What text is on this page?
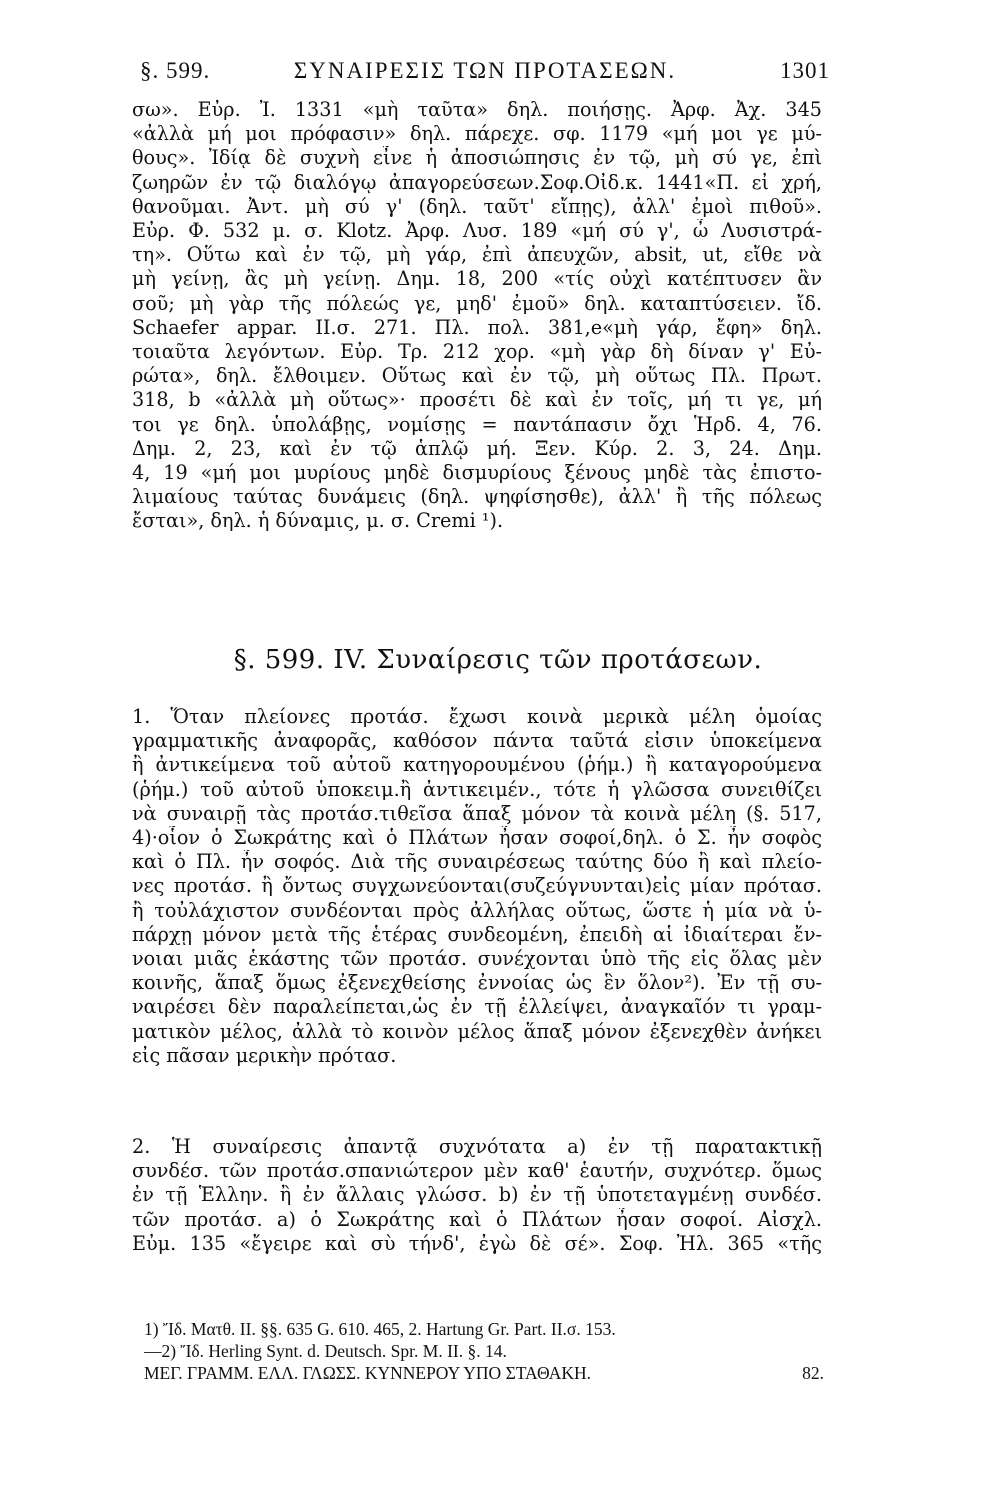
§. 599.	ΣΥΝΑΙΡΕΣΙΣ ΤΩΝ ΠΡΟΤΑΣΕΩΝ.	1301
σω». Εὐρ. Ἰ. 1331 «μὴ ταῦτα» δηλ. ποιήσῃς. Ἀρφ. Ἀχ. 345
«ἀλλὰ μή μοι πρόφασιν» δηλ. πάρεχε. σφ. 1179 «μή μοι γε μύ-
θους». Ἰδίᾳ δὲ συχνὴ εἶνε ἡ ἀποσιώπησις ἐν τῷ, μὴ σύ γε, ἐπὶ
ζωηρῶν ἐν τῷ διαλόγῳ ἀπαγορεύσεων.Σοφ.Οἰδ.κ. 1441«Π. εἰ χρή,
θανοῦμαι. Ἀντ. μὴ σύ γ' (δηλ. ταῦτ' εἴπῃς), ἀλλ' ἐμοὶ πιθοῦ».
Εὐρ. Φ. 532 μ. σ. Klotz. Ἀρφ. Λυσ. 189 «μή σύ γ', ὦ Λυσιστρά-
τη». Οὕτω καὶ ἐν τῷ, μὴ γάρ, ἐπὶ ἀπευχῶν, absit, ut, εἴθε νὰ
μὴ γείνῃ, ἂς μὴ γείνῃ. Δημ. 18, 200 «τίς οὐχὶ κατέπτυσεν ἂν
σοῦ; μὴ γὰρ τῆς πόλεώς γε, μηδ' ἐμοῦ» δηλ. καταπτύσειεν. ἴδ.
Schaefer appar. II.σ. 271. Πλ. πολ. 381,e«μὴ γάρ, ἔφη» δηλ.
τοιαῦτα λεγόντων. Εὐρ. Τρ. 212 χορ. «μὴ γὰρ δὴ δίναν γ' Εὐ-
ρώτα», δηλ. ἔλθοιμεν. Οὕτως καὶ ἐν τῷ, μὴ οὕτως Πλ. Πρωτ.
318, b «ἀλλὰ μὴ οὕτως»· προσέτι δὲ καὶ ἐν τοῖς, μή τι γε, μή
τοι γε δηλ. ὑπολάβῃς, νομίσῃς = παντάπασιν ὄχι Ἡρδ. 4, 76.
Δημ. 2, 23, καὶ ἐν τῷ ἁπλῷ μή. Ξεν. Κύρ. 2. 3, 24. Δημ.
4, 19 «μή μοι μυρίους μηδὲ δισμυρίους ξένους μηδὲ τὰς ἐπιστο-
λιμαίους ταύτας δυνάμεις (δηλ. ψηφίσησθε), ἀλλ' ἢ τῆς πόλεως
ἔσται», δηλ. ἡ δύναμις, μ. σ. Cremi ¹).
§. 599. IV. Συναίρεσις τῶν προτάσεων.
1. Ὅταν πλείονες προτάσ. ἔχωσι κοινὰ μερικὰ μέλη ὁμοίας
γραμματικῆς ἀναφορᾶς, καθόσον πάντα ταῦτά εἰσιν ὑποκείμενα
ἢ ἀντικείμενα τοῦ αὐτοῦ κατηγορουμένου (ῥήμ.) ἢ καταγορούμενα
(ῥήμ.) τοῦ αὐτοῦ ὑποκειμ.ἢ ἀντικειμέν., τότε ἡ γλῶσσα συνειθίζει
νὰ συναιρῇ τὰς προτάσ.τιθεῖσα ἅπαξ μόνον τὰ κοινὰ μέλη (§. 517,
4)·οἷον ὁ Σωκράτης καὶ ὁ Πλάτων ἦσαν σοφοί,δηλ. ὁ Σ. ἦν σοφὸς
καὶ ὁ Πλ. ἦν σοφός. Διὰ τῆς συναιρέσεως ταύτης δύο ἢ καὶ πλείο-
νες προτάσ. ἢ ὄντως συγχωνεύονται(συζεύγνυνται)εἰς μίαν πρότασ.
ἢ τοὐλάχιστον συνδέονται πρὸς ἀλλήλας οὕτως, ὥστε ἡ μία νὰ ὑ-
πάρχῃ μόνον μετὰ τῆς ἑτέρας συνδεομένη, ἐπειδὴ αἱ ἰδιαίτεραι ἔν-
νοιαι μιᾶς ἑκάστης τῶν προτάσ. συνέχονται ὑπὸ τῆς εἰς ὅλας μὲν
κοινῆς, ἅπαξ ὅμως ἐξενεχθείσης ἐννοίας ὡς ἓν ὅλον²). Ἐν τῇ συ-
ναιρέσει δὲν παραλείπεται,ὡς ἐν τῇ ἐλλείψει, ἀναγκαῖόν τι γραμ-
ματικὸν μέλος, ἀλλὰ τὸ κοινὸν μέλος ἅπαξ μόνον ἐξενεχθὲν ἀνήκει
εἰς πᾶσαν μερικὴν πρότασ.
2. Ἡ συναίρεσις ἀπαντᾷ συχνότατα a) ἐν τῇ παρατακτικῇ
συνδέσ. τῶν προτάσ.σπανιώτερον μὲν καθ' ἑαυτήν, συχνότερ. ὅμως
ἐν τῇ Ἑλλην. ἢ ἐν ἄλλαις γλώσσ. b) ἐν τῇ ὑποτεταγμένῃ συνδέσ.
τῶν προτάσ. a) ὁ Σωκράτης καὶ ὁ Πλάτων ἦσαν σοφοί. Αἰσχλ.
Εὐμ. 135 «ἔγειρε καὶ σὺ τήνδ', ἐγὼ δὲ σέ». Σοφ. Ἠλ. 365 «τῆς
1) Ἴδ. Ματθ. II. §§. 635 G. 610. 465, 2. Hartung Gr. Part. II.σ. 153.
—2) Ἴδ. Herling Synt. d. Deutsch. Spr. M. II. §. 14.
ΜΕΓ. ΓΡΑΜΜ. ΕΛΛ. ΓΛΩΣΣ. ΚΥΝΝΕΡΟΥ ΥΠΟ ΣΤΑΘΑΚΗ.	82.
